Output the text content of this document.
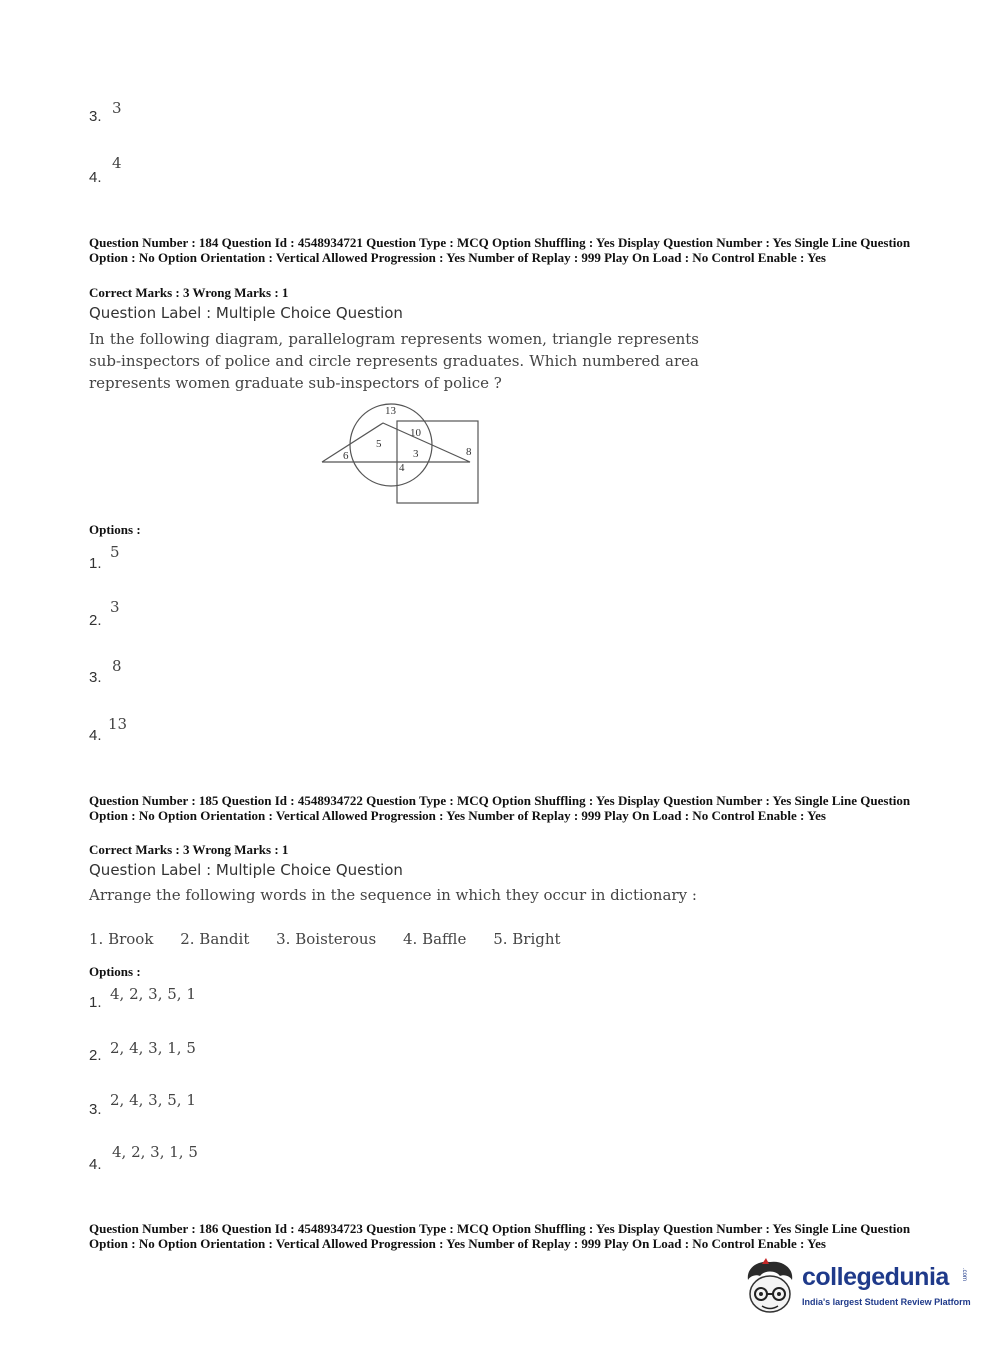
3. 3
4.
4
Question Number : 184 Question Id : 4548934721 Question Type : MCQ Option Shuffling : Yes Display Question Number : Yes Single Line Question Option : No Option Orientation : Vertical Allowed Progression : Yes Number of Replay : 999 Play On Load : No Control Enable : Yes
Correct Marks : 3 Wrong Marks : 1
Question Label : Multiple Choice Question
In the following diagram, parallelogram represents women, triangle represents sub-inspectors of police and circle represents graduates. Which numbered area represents women graduate sub-inspectors of police ?
13
10
5
3
6	8
4
Options :
1.
5
2.
3
3.
8
4.
13
Question Number : 185 Question Id : 4548934722 Question Type : MCQ Option Shuffling : Yes Display Question Number : Yes Single Line Question Option : No Option Orientation : Vertical Allowed Progression : Yes Number of Replay : 999 Play On Load : No Control Enable : Yes
Correct Marks : 3 Wrong Marks : 1
Question Label : Multiple Choice Question
Arrange the following words in the sequence in which they occur in dictionary :
1. Brook 2. Bandit 3. Boisterous 4. Baffle 5. Bright
Options :
1. 4, 2, 3, 5, 1
2. 2, 4, 3, 1, 5
3.
2, 4, 3, 5, 1
4.
4, 2, 3, 1, 5
Question Number : 186 Question Id : 4548934723 Question Type : MCQ Option Shuffling : Yes Display Question Number : Yes Single Line Question Option : No Option Orientation : Vertical Allowed Progression : Yes Number of Replay : 999 Play On Load : No Control Enable : Yes
collegedunia .com
India's largest Student Review Platform
